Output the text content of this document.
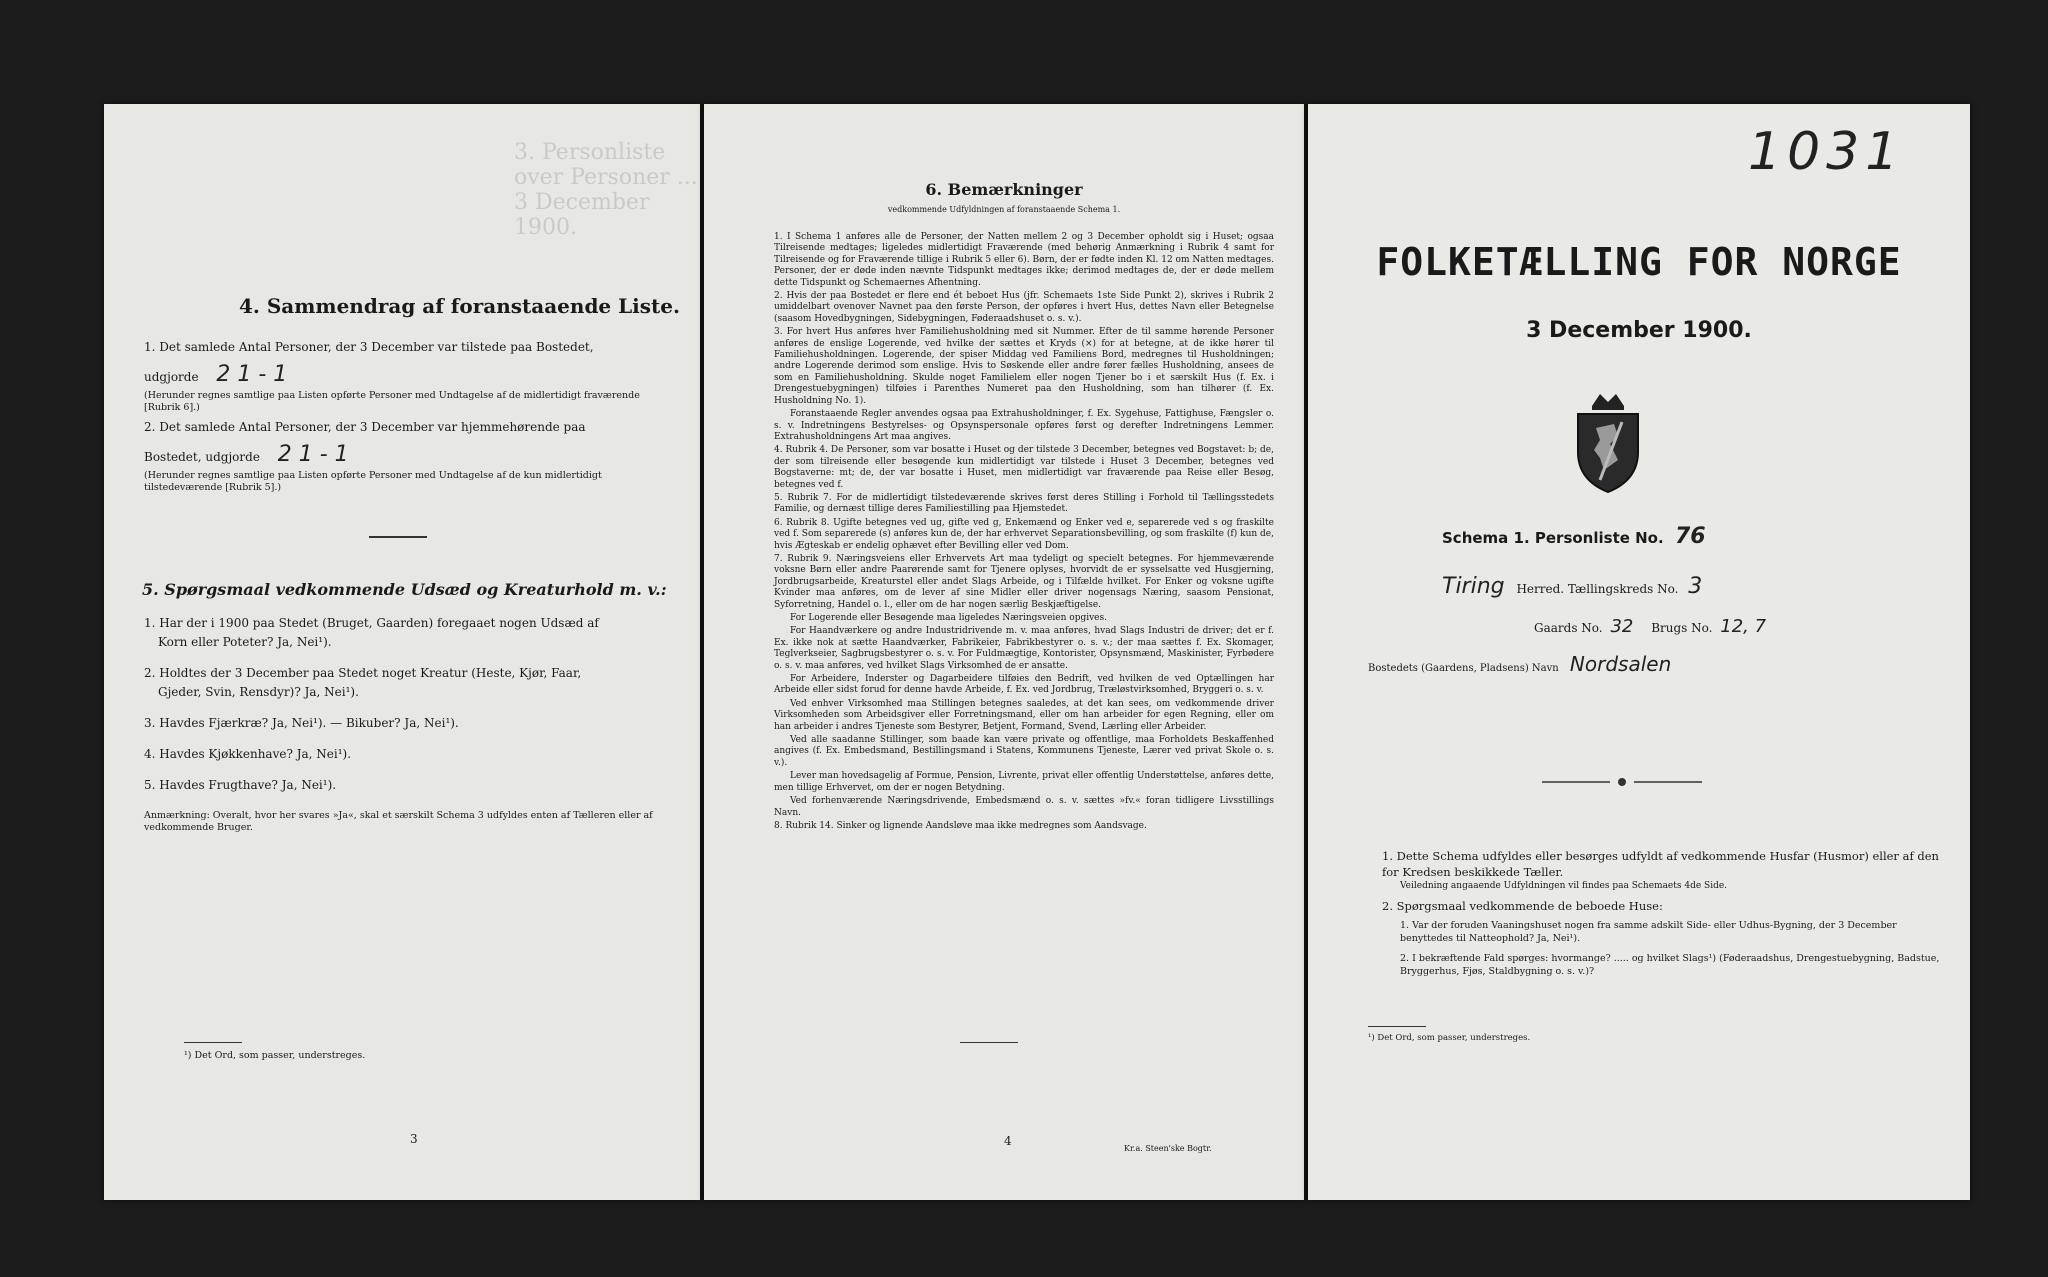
3. Personliste over Personer ... 3 December 1900.
4. Sammendrag af foranstaaende Liste.
1. Det samlede Antal Personer, der 3 December var tilstede paa Bostedet,
udgjorde 2 1 - 1
(Herunder regnes samtlige paa Listen opførte Personer med Undtagelse af de midlertidigt fraværende [Rubrik 6].)
2. Det samlede Antal Personer, der 3 December var hjemmehørende paa
Bostedet, udgjorde 2 1 - 1
(Herunder regnes samtlige paa Listen opførte Personer med Undtagelse af de kun midlertidigt tilstedeværende [Rubrik 5].)
5. Spørgsmaal vedkommende Udsæd og Kreaturhold m. v.:
1. Har der i 1900 paa Stedet (Bruget, Gaarden) foregaaet nogen Udsæd af
Korn eller Poteter? Ja, Nei¹).
2. Holdtes der 3 December paa Stedet noget Kreatur (Heste, Kjør, Faar,
Gjeder, Svin, Rensdyr)? Ja, Nei¹).
3. Havdes Fjærkræ? Ja, Nei¹). — Bikuber? Ja, Nei¹).
4. Havdes Kjøkkenhave? Ja, Nei¹).
5. Havdes Frugthave? Ja, Nei¹).
Anmærkning: Overalt, hvor her svares »Ja«, skal et særskilt Schema 3 udfyldes enten af Tælleren eller af vedkommende Bruger.
¹) Det Ord, som passer, understreges.
3
6. Bemærkninger
vedkommende Udfyldningen af foranstaaende Schema 1.
1. I Schema 1 anføres alle de Personer, der Natten mellem 2 og 3 December opholdt sig i Huset; ogsaa Tilreisende medtages; ligeledes midlertidigt Fraværende (med behørig Anmærkning i Rubrik 4 samt for Tilreisende og for Fraværende tillige i Rubrik 5 eller 6). Børn, der er fødte inden Kl. 12 om Natten medtages. Personer, der er døde inden nævnte Tidspunkt medtages ikke; derimod medtages de, der er døde mellem dette Tidspunkt og Schemaernes Afhentning.
2. Hvis der paa Bostedet er flere end ét beboet Hus (jfr. Schemaets 1ste Side Punkt 2), skrives i Rubrik 2 umiddelbart ovenover Navnet paa den første Person, der opføres i hvert Hus, dettes Navn eller Betegnelse (saasom Hovedbygningen, Sidebygningen, Føderaadshuset o. s. v.).
3. For hvert Hus anføres hver Familiehusholdning med sit Nummer. Efter de til samme hørende Personer anføres de enslige Logerende, ved hvilke der sættes et Kryds (×) for at betegne, at de ikke hører til Familiehusholdningen. Logerende, der spiser Middag ved Familiens Bord, medregnes til Husholdningen; andre Logerende derimod som enslige. Hvis to Søskende eller andre fører fælles Husholdning, ansees de som en Familiehusholdning. Skulde noget Familielem eller nogen Tjener bo i et særskilt Hus (f. Ex. i Drengestuebygningen) tilføies i Parenthes Numeret paa den Husholdning, som han tilhører (f. Ex. Husholdning No. 1).
Foranstaaende Regler anvendes ogsaa paa Extrahusholdninger, f. Ex. Sygehuse, Fattighuse, Fængsler o. s. v. Indretningens Bestyrelses- og Opsynspersonale opføres først og derefter Indretningens Lemmer. Extrahusholdningens Art maa angives.
4. Rubrik 4. De Personer, som var bosatte i Huset og der tilstede 3 December, betegnes ved Bogstavet: b; de, der som tilreisende eller besøgende kun midlertidigt var tilstede i Huset 3 December, betegnes ved Bogstaverne: mt; de, der var bosatte i Huset, men midlertidigt var fraværende paa Reise eller Besøg, betegnes ved f.
5. Rubrik 7. For de midlertidigt tilstedeværende skrives først deres Stilling i Forhold til Tællingsstedets Familie, og dernæst tillige deres Familiestilling paa Hjemstedet.
6. Rubrik 8. Ugifte betegnes ved ug, gifte ved g, Enkemænd og Enker ved e, separerede ved s og fraskilte ved f. Som separerede (s) anføres kun de, der har erhvervet Separationsbevilling, og som fraskilte (f) kun de, hvis Ægteskab er endelig ophævet efter Bevilling eller ved Dom.
7. Rubrik 9. Næringsveiens eller Erhvervets Art maa tydeligt og specielt betegnes. For hjemmeværende voksne Børn eller andre Paarørende samt for Tjenere oplyses, hvorvidt de er sysselsatte ved Husgjerning, Jordbrugsarbeide, Kreaturstel eller andet Slags Arbeide, og i Tilfælde hvilket. For Enker og voksne ugifte Kvinder maa anføres, om de lever af sine Midler eller driver nogensags Næring, saasom Pensionat, Syforretning, Handel o. l., eller om de har nogen særlig Beskjæftigelse.
For Logerende eller Besøgende maa ligeledes Næringsveien opgives.
For Haandværkere og andre Industridrivende m. v. maa anføres, hvad Slags Industri de driver; det er f. Ex. ikke nok at sætte Haandværker, Fabrikeier, Fabrikbestyrer o. s. v.; der maa sættes f. Ex. Skomager, Teglverkseier, Sagbrugsbestyrer o. s. v. For Fuldmægtige, Kontorister, Opsynsmænd, Maskinister, Fyrbødere o. s. v. maa anføres, ved hvilket Slags Virksomhed de er ansatte.
For Arbeidere, Inderster og Dagarbeidere tilføies den Bedrift, ved hvilken de ved Optællingen har Arbeide eller sidst forud for denne havde Arbeide, f. Ex. ved Jordbrug, Træløstvirksomhed, Bryggeri o. s. v.
Ved enhver Virksomhed maa Stillingen betegnes saaledes, at det kan sees, om vedkommende driver Virksomheden som Arbeidsgiver eller Forretningsmand, eller om han arbeider for egen Regning, eller om han arbeider i andres Tjeneste som Bestyrer, Betjent, Formand, Svend, Lærling eller Arbeider.
Ved alle saadanne Stillinger, som baade kan være private og offentlige, maa Forholdets Beskaffenhed angives (f. Ex. Embedsmand, Bestillingsmand i Statens, Kommunens Tjeneste, Lærer ved privat Skole o. s. v.).
Lever man hovedsagelig af Formue, Pension, Livrente, privat eller offentlig Understøttelse, anføres dette, men tillige Erhvervet, om der er nogen Betydning.
Ved forhenværende Næringsdrivende, Embedsmænd o. s. v. sættes »fv.« foran tidligere Livsstillings Navn.
8. Rubrik 14. Sinker og lignende Aandsløve maa ikke medregnes som Aandsvage.
4
Kr.a. Steen'ske Bogtr.
1031
FOLKETÆLLING FOR NORGE
3 December 1900.
Schema 1. Personliste No. 76
Tiring Herred. Tællingskreds No. 3
Gaards No. 32 Brugs No. 12, 7
Bostedets (Gaardens, Pladsens) Navn Nordsalen
1. Dette Schema udfyldes eller besørges udfyldt af vedkommende Husfar (Husmor) eller af den for Kredsen beskikkede Tæller.
Veiledning angaaende Udfyldningen vil findes paa Schemaets 4de Side.
2. Spørgsmaal vedkommende de beboede Huse:
1. Var der foruden Vaaningshuset nogen fra samme adskilt Side- eller Udhus-Bygning, der 3 December benyttedes til Natteophold? Ja, Nei¹).
2. I bekræftende Fald spørges: hvormange? ..... og hvilket Slags¹) (Føderaadshus, Drengestuebygning, Badstue, Bryggerhus, Fjøs, Staldbygning o. s. v.)?
¹) Det Ord, som passer, understreges.
